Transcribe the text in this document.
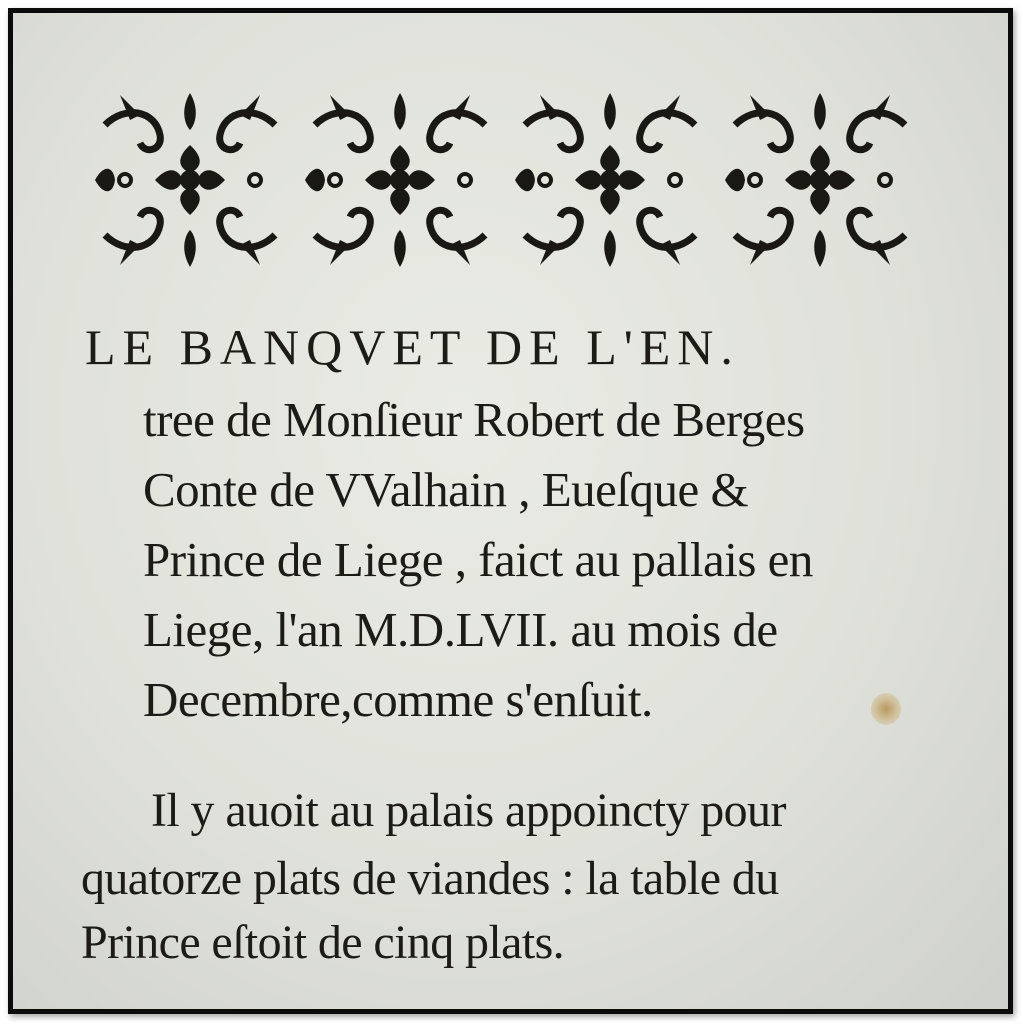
LE BANQVET DE L'EN.
tree de Monſieur Robert de Berges
Conte de VValhain , Eueſque &
Prince de Liege , faict au pallais en
Liege, l'an M.D.LVII. au mois de
Decembre,comme s'enſuit.
Il y auoit au palais appoincty pour
quatorze plats de viandes : la table du
Prince eſtoit de cinq plats.
